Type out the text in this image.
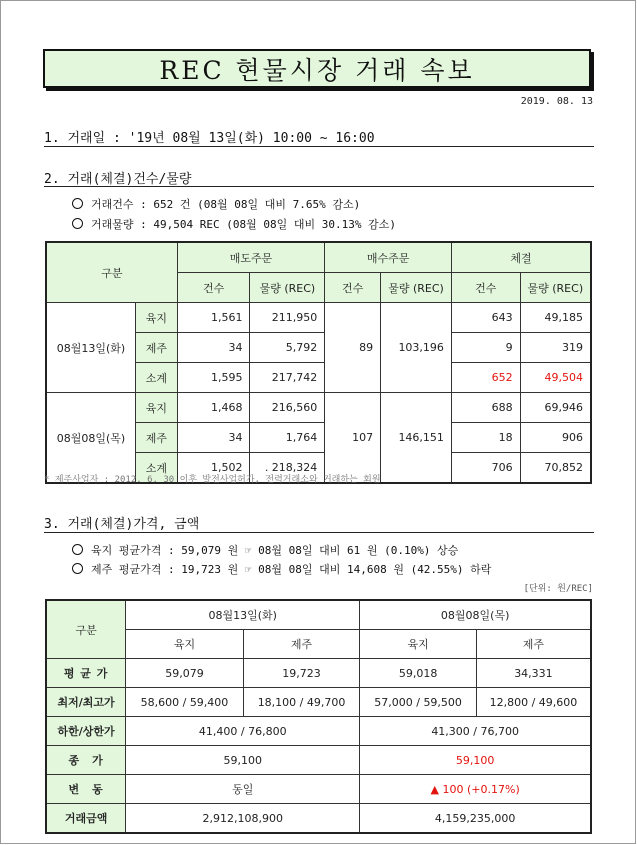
REC 현물시장 거래 속보
2019. 08. 13
1. 거래일 : '19년 08월 13일(화) 10:00 ~ 16:00
2. 거래(체결)건수/물량
거래건수 : 652 건 (08월 08일 대비 7.65% 감소)
거래물량 : 49,504 REC (08월 08일 대비 30.13% 감소)
구분		매도주문		매수주문		체결	
		건수	물량 (REC)	건수	물량 (REC)	건수	물량 (REC)
08월13일(화)	육지	1,561	211,950	89	103,196	643	49,185
	제주	34	5,792			9	319
	소계	1,595	217,742			652	49,504
08월08일(목)	육지	1,468	216,560	107	146,151	688	69,946
	제주	34	1,764			18	906
	소계	1,502	. 218,324			706	70,852
* 제주사업자 : 2012. 6. 30 이후 발전사업허가, 전력거래소와 거래하는 회원
3. 거래(체결)가격, 금액
육지 평균가격 : 59,079 원 ☞ 08월 08일 대비 61 원 (0.10%) 상승
제주 평균가격 : 19,723 원 ☞ 08월 08일 대비 14,608 원 (42.55%) 하락
[단위: 원/REC]
구분	08월13일(화)		08월08일(목)	
	육지	제주	육지	제주
평 균 가	59,079	19,723	59,018	34,331
최저/최고가	58,600 / 59,400	18,100 / 49,700	57,000 / 59,500	12,800 / 49,600
하한/상한가	41,400 / 76,800		41,300 / 76,700	
종　가	59,100		59,100	
변　동	동일		▲ 100 (+0.17%)	
거래금액	2,912,108,900		4,159,235,000	
